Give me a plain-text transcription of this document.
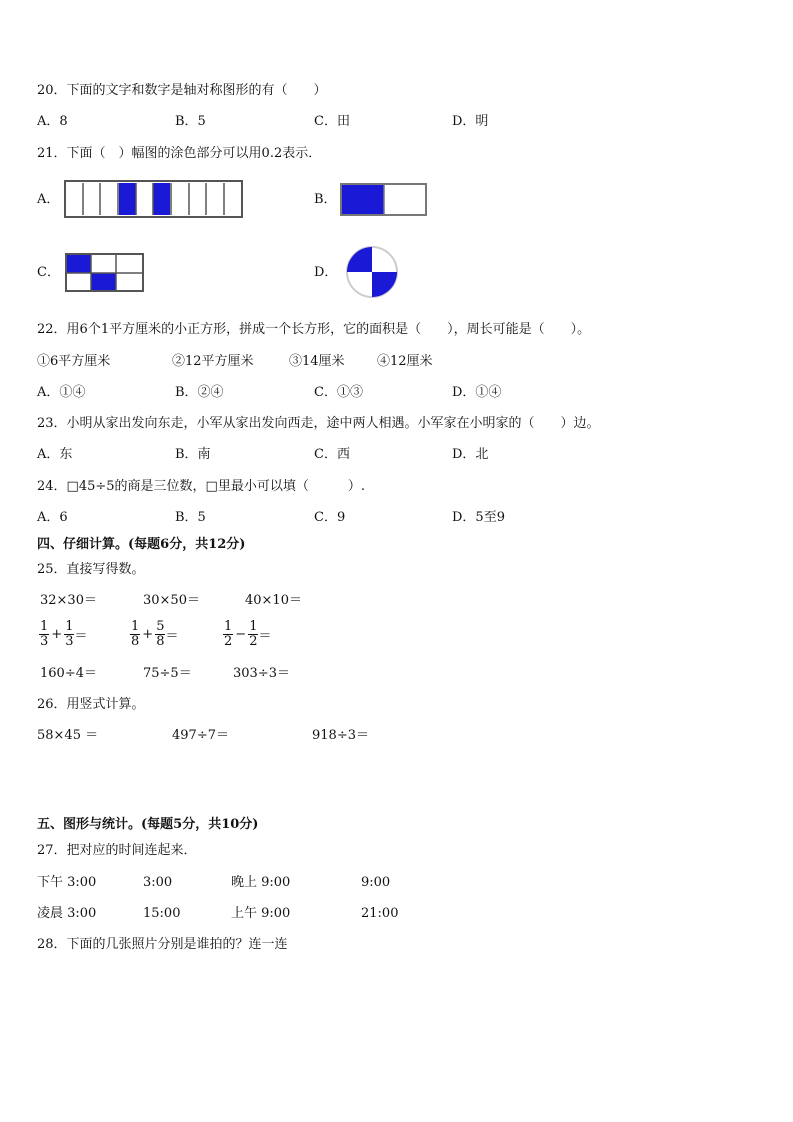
20．下面的文字和数字是轴对称图形的有（　　）
A．8	B．5	C．田	D．明
21．下面（　）幅图的涂色部分可以用0.2表示．
A．	B．
C．	D．
22．用6个1平方厘米的小正方形，拼成一个长方形，它的面积是（　　），周长可能是（　　）。
①6平方厘米	②12平方厘米	③14厘米 ④12厘米
A．①④	B．②④	C．①③	D．①④
23．小明从家出发向东走，小军从家出发向西走，途中两人相遇。小军家在小明家的（　　）边。
A．东	B．南	C．西	D．北
24．□45÷5的商是三位数，□里最小可以填（　　　）.
A．6	B．5	C．9	D．5至9
四、仔细计算。(每题6分，共12分)
25．直接写得数。
32×30＝	30×50＝	40×10＝
$\frac{1}{3} + \frac{1}{3}$ ＝	$\frac{1}{8} + \frac{5}{8}$ ＝	$\frac{1}{2} - \frac{1}{2}$ ＝
160÷4＝	75÷5＝	303÷3＝
26．用竖式计算。
58×45 ＝	497÷7＝	918÷3＝
五、图形与统计。(每题5分，共10分)
27．把对应的时间连起来．
下午 3:00	3:00	晚上 9:00	9:00
凌晨 3:00	15:00	上午 9:00	21:00
28．下面的几张照片分别是谁拍的？连一连
